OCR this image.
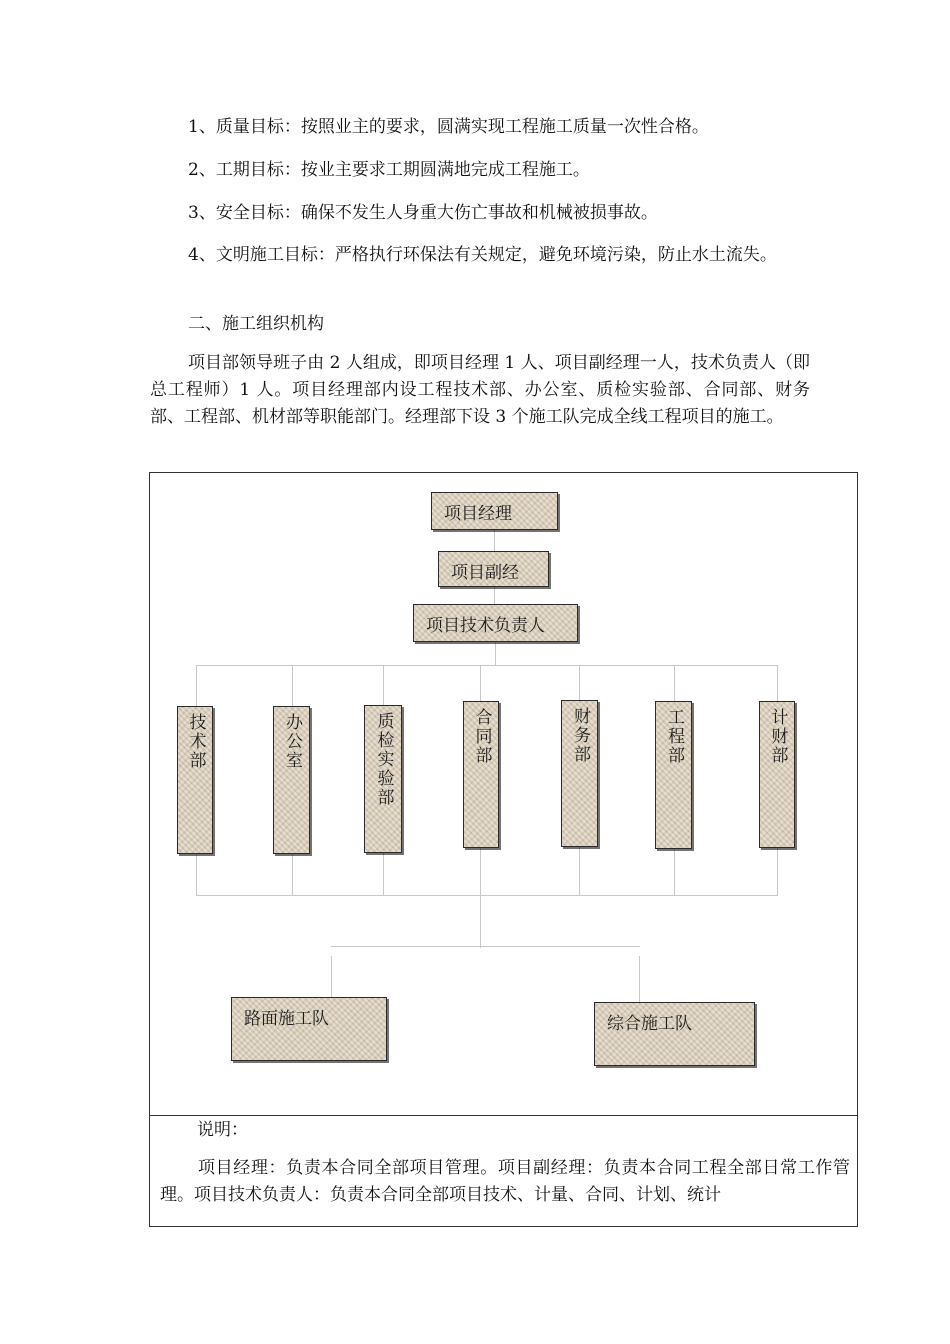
1、质量目标：按照业主的要求，圆满实现工程施工质量一次性合格。

2、工期目标：按业主要求工期圆满地完成工程施工。

3、安全目标：确保不发生人身重大伤亡事故和机械被损事故。

4、文明施工目标：严格执行环保法有关规定，避免环境污染，防止水土流失。

二、施工组织机构

项目部领导班子由 2 人组成，即项目经理 1 人、项目副经理一人，技术负责人（即总工程师）1 人。项目经理部内设工程技术部、办公室、质检实验部、合同部、财务部、工程部、机材部等职能部门。经理部下设 3 个施工队完成全线工程项目的施工。

项目经理
项目副经
项目技术负责人
技术部	办公室	质检实验部	合同部	财务部	工程部	计财部
路面施工队	综合施工队

说明：

项目经理：负责本合同全部项目管理。项目副经理：负责本合同工程全部日常工作管理。项目技术负责人：负责本合同全部项目技术、计量、合同、计划、统计
